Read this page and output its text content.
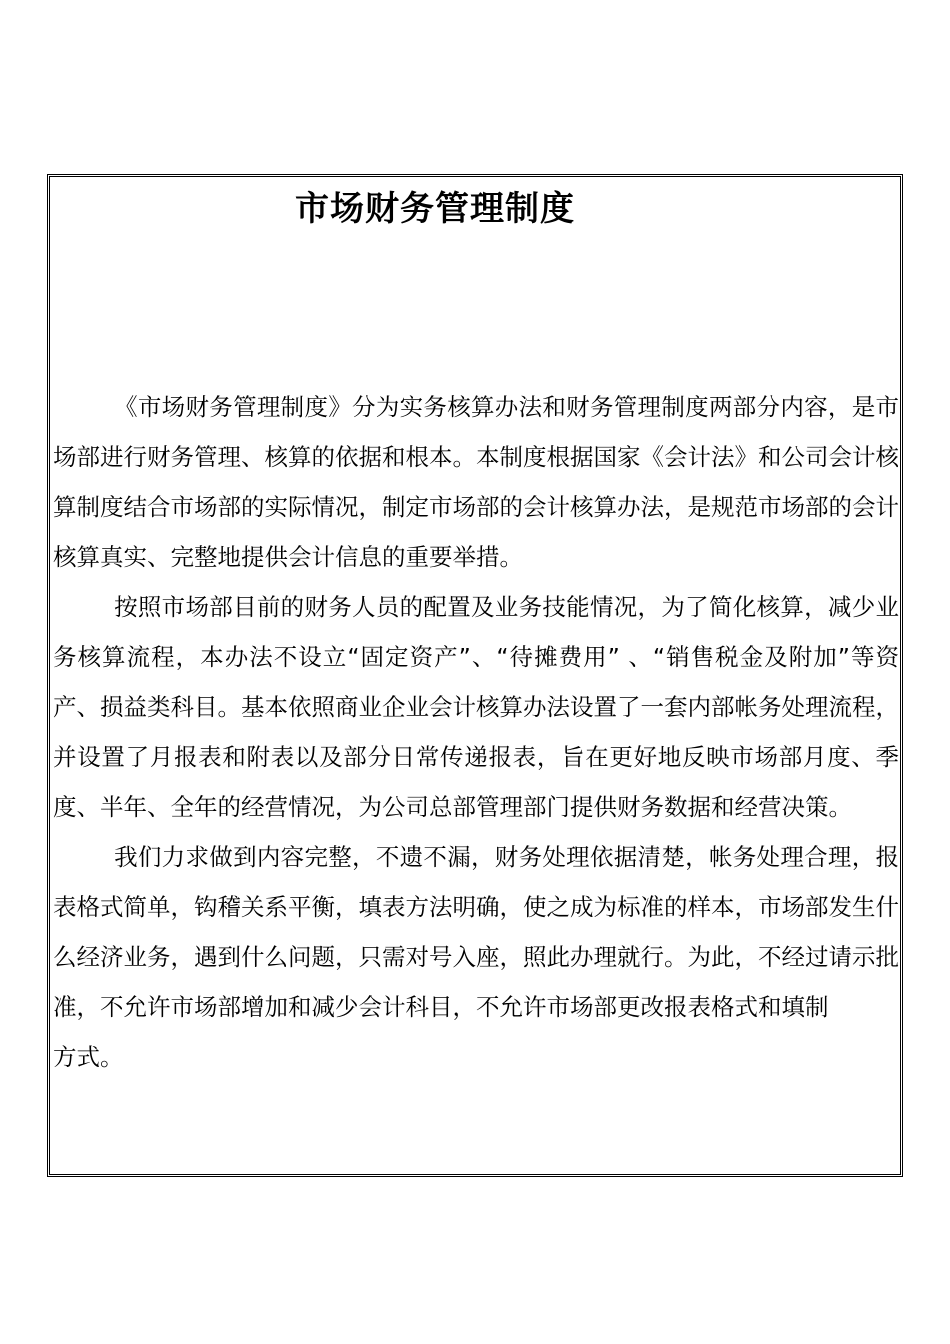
市场财务管理制度

《市场财务管理制度》分为实务核算办法和财务管理制度两部分内容，是市场部进行财务管理、核算的依据和根本。本制度根据国家《会计法》和公司会计核算制度结合市场部的实际情况，制定市场部的会计核算办法，是规范市场部的会计核算真实、完整地提供会计信息的重要举措。

按照市场部目前的财务人员的配置及业务技能情况，为了简化核算，减少业务核算流程，本办法不设立“固定资产”、“待摊费用” 、“销售税金及附加”等资产、损益类科目。基本依照商业企业会计核算办法设置了一套内部帐务处理流程，并设置了月报表和附表以及部分日常传递报表，旨在更好地反映市场部月度、季度、半年、全年的经营情况，为公司总部管理部门提供财务数据和经营决策。

我们力求做到内容完整，不遗不漏，财务处理依据清楚，帐务处理合理，报表格式简单，钩稽关系平衡，填表方法明确，使之成为标准的样本，市场部发生什么经济业务，遇到什么问题，只需对号入座，照此办理就行。为此，不经过请示批准，不允许市场部增加和减少会计科目，不允许市场部更改报表格式和填制

方式。
